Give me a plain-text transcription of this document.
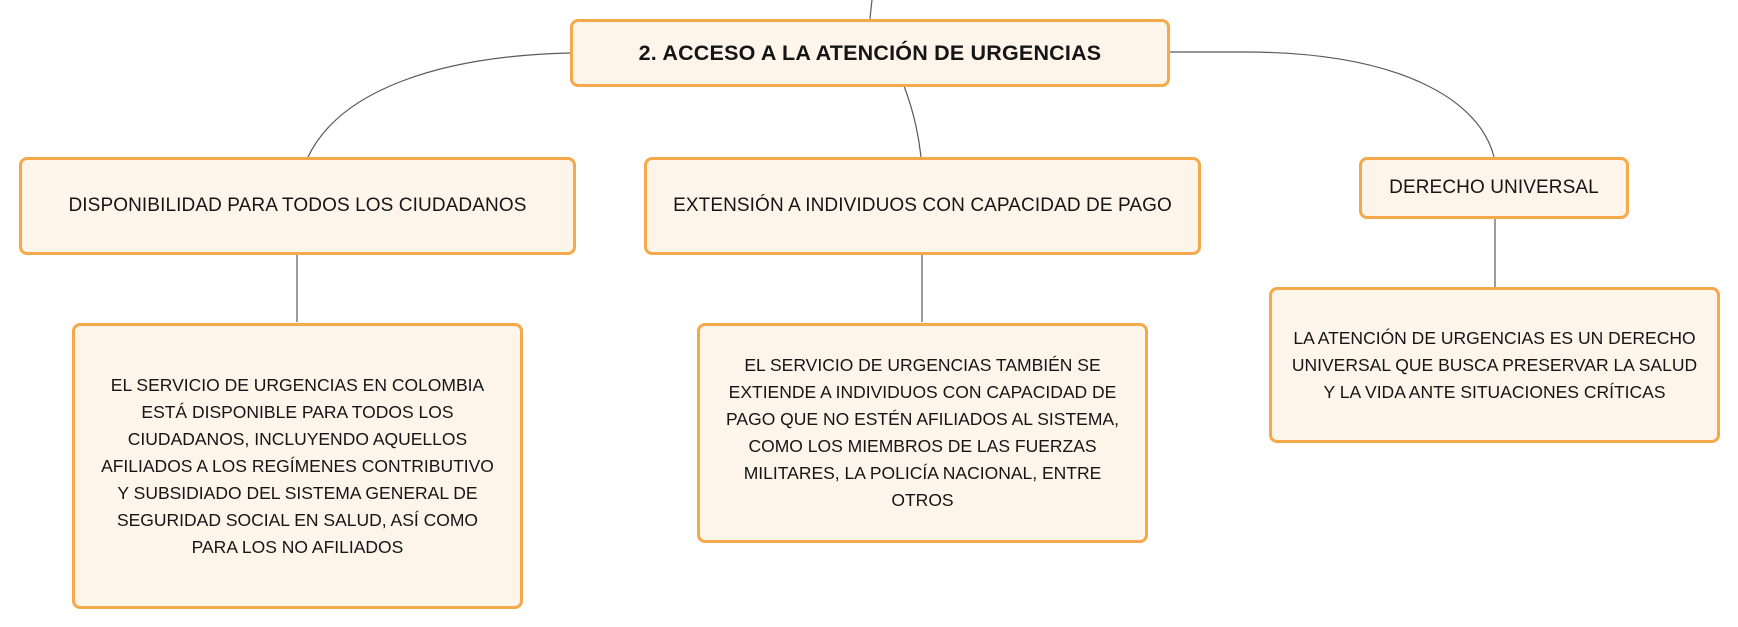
2. ACCESO A LA ATENCIÓN DE URGENCIAS
DISPONIBILIDAD PARA TODOS LOS CIUDADANOS	EXTENSIÓN A INDIVIDUOS CON CAPACIDAD DE PAGO
DERECHO UNIVERSAL
EL SERVICIO DE URGENCIAS EN COLOMBIA ESTÁ DISPONIBLE PARA TODOS LOS CIUDADANOS, INCLUYENDO AQUELLOS AFILIADOS A LOS REGÍMENES CONTRIBUTIVO Y SUBSIDIADO DEL SISTEMA GENERAL DE SEGURIDAD SOCIAL EN SALUD, ASÍ COMO PARA LOS NO AFILIADOS
EL SERVICIO DE URGENCIAS TAMBIÉN SE EXTIENDE A INDIVIDUOS CON CAPACIDAD DE PAGO QUE NO ESTÉN AFILIADOS AL SISTEMA, COMO LOS MIEMBROS DE LAS FUERZAS MILITARES, LA POLICÍA NACIONAL, ENTRE OTROS
LA ATENCIÓN DE URGENCIAS ES UN DERECHO UNIVERSAL QUE BUSCA PRESERVAR LA SALUD Y LA VIDA ANTE SITUACIONES CRÍTICAS
